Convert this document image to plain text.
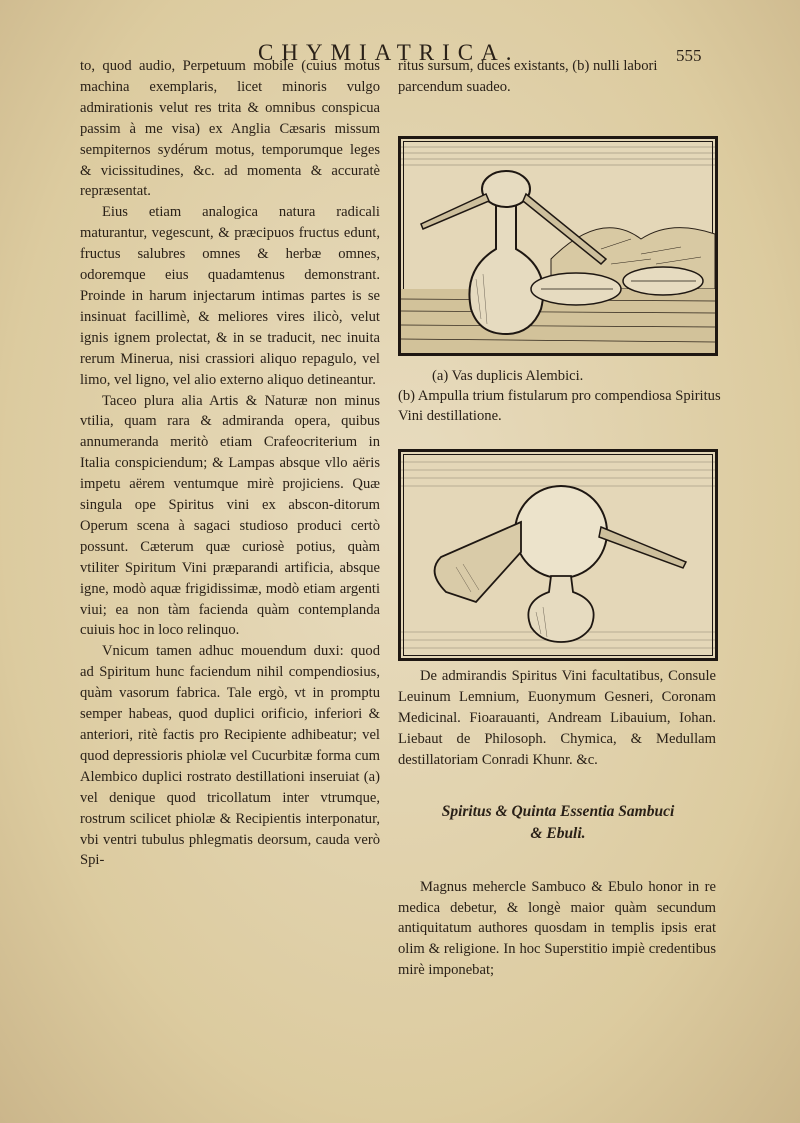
CHYMIATRICA.	555

to, quod audio, Perpetuum mobile (cuius motus machina exemplaris, licet minoris vulgo admirationis velut res trita & omnibus conspicua passim à me visa) ex Anglia Cæsaris missum sempiternos sydérum motus, temporumque leges & vicissitudines, &c. ad momenta & accuratè repræsentat.

Eius etiam analogica natura radicali maturantur, vegescunt, & præcipuos fructus edunt, fructus salubres omnes & herbæ omnes, odoremque eius quadamtenus demonstrant. Proinde in harum injectarum intimas partes is se insinuat facillimè, & meliores vires ilicò, velut ignis ignem prolectat, & in se traducit, nec inuita rerum Minerua, nisi crassiori aliquo repagulo, vel limo, vel ligno, vel alio externo aliquo detineantur.

Taceo plura alia Artis & Naturæ non minus vtilia, quam rara & admiranda opera, quibus annumeranda meritò etiam Crafeocriterium in Italia conspiciendum; & Lampas absque vllo aëris impetu aërem ventumque mirè projiciens. Quæ singula ope Spiritus vini ex abscon-ditorum Operum scena à sagaci studioso produci certò possunt. Cæterum quæ curiosè potius, quàm vtiliter Spiritum Vini præparandi artificia, absque igne, modò aquæ frigidissimæ, modò etiam argenti viui; ea non tàm facienda quàm contemplanda cuiuis hoc in loco relinquo.

Vnicum tamen adhuc mouendum duxi: quod ad Spiritum hunc faciendum nihil compendiosius, quàm vasorum fabrica. Tale ergò, vt in promptu semper habeas, quod duplici orificio, inferiori & anteriori, ritè factis pro Recipiente adhibeatur; vel quod depressioris phiolæ vel Cucurbitæ forma cum Alembico duplici rostrato destillationi inseruiat (a) vel denique quod tricollatum inter vtrumque, rostrum scilicet phiolæ & Recipientis interponatur, vbi ventri tubulus phlegmatis deorsum, cauda verò Spi-

ritus sursum, duces existants, (b) nulli labori parcendum suadeo.

(a) Vas duplicis Alembici.
(b) Ampulla trium fistularum pro compendiosa Spiritus Vini destillatione.

De admirandis Spiritus Vini facultatibus, Consule Leuinum Lemnium, Euonymum Gesneri, Coronam Medicinal. Fioarauanti, Andream Libauium, Iohan. Liebaut de Philosoph. Chymica, & Medullam destillatoriam Conradi Khunr. &c.

Spiritus & Quinta Essentia Sambuci
& Ebuli.

Magnus mehercle Sambuco & Ebulo honor in re medica debetur, & longè maior quàm secundum antiquitatum authores quosdam in templis ipsis erat olim & religione. In hoc Superstitio impiè credentibus mirè imponebat;
